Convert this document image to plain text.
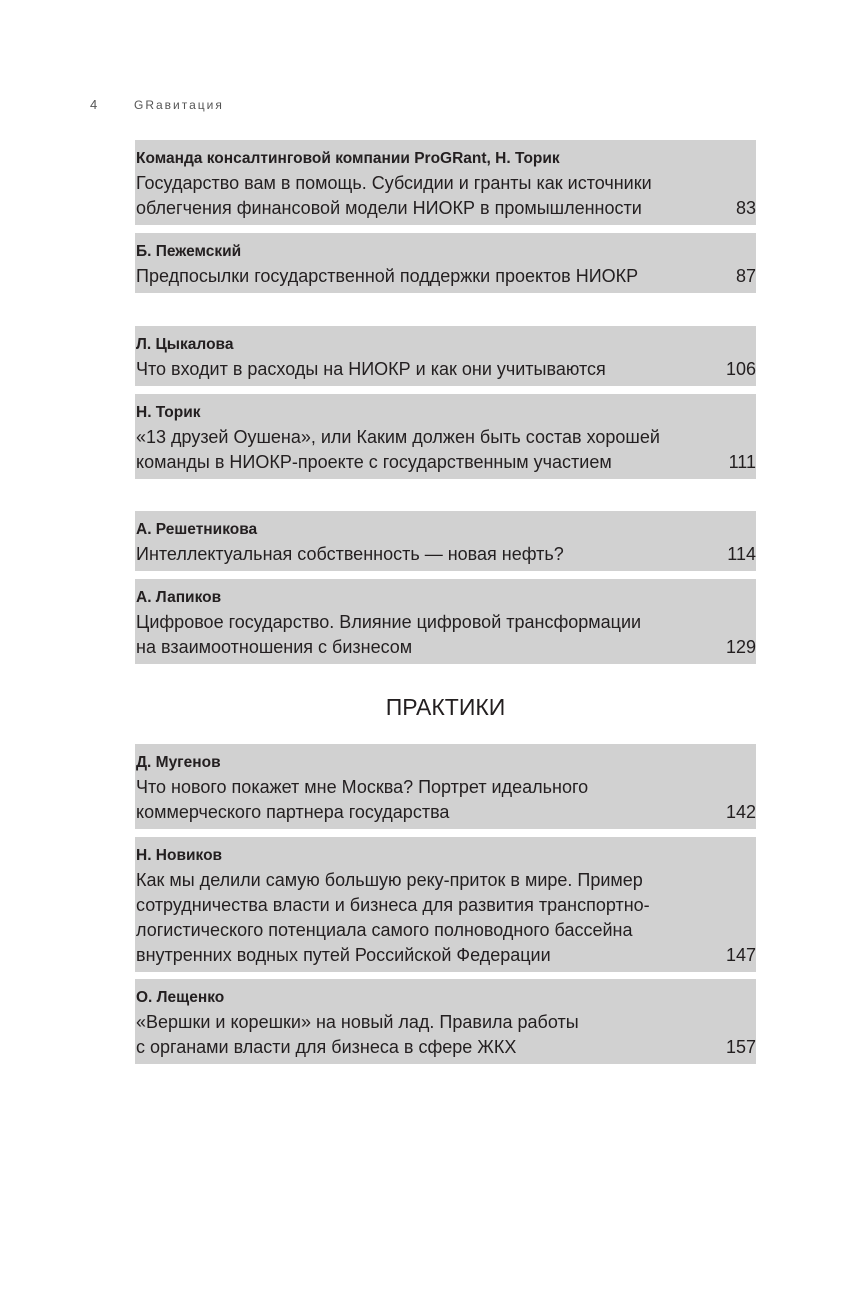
4	GRавитация
Команда консалтинговой компании ProGRant, Н. Торик
Государство вам в помощь. Субсидии и гранты как источники
облегчения финансовой модели НИОКР в промышленности	83
Б. Пежемский
Предпосылки государственной поддержки проектов НИОКР	87
Л. Цыкалова
Что входит в расходы на НИОКР и как они учитываются	106
Н. Торик
«13 друзей Оушена», или Каким должен быть состав хорошей
команды в НИОКР-проекте с государственным участием	111
А. Решетникова
Интеллектуальная собственность — новая нефть?	114
А. Лапиков
Цифровое государство. Влияние цифровой трансформации
на взаимоотношения с бизнесом	129
Д. Мугенов
Что нового покажет мне Москва? Портрет идеального
коммерческого партнера государства	142
Н. Новиков
Как мы делили самую большую реку-приток в мире. Пример
сотрудничества власти и бизнеса для развития транспортно-
логистического потенциала самого полноводного бассейна
внутренних водных путей Российской Федерации	147
О. Лещенко
«Вершки и корешки» на новый лад. Правила работы
с органами власти для бизнеса в сфере ЖКХ	157
ПРАКТИКИ
